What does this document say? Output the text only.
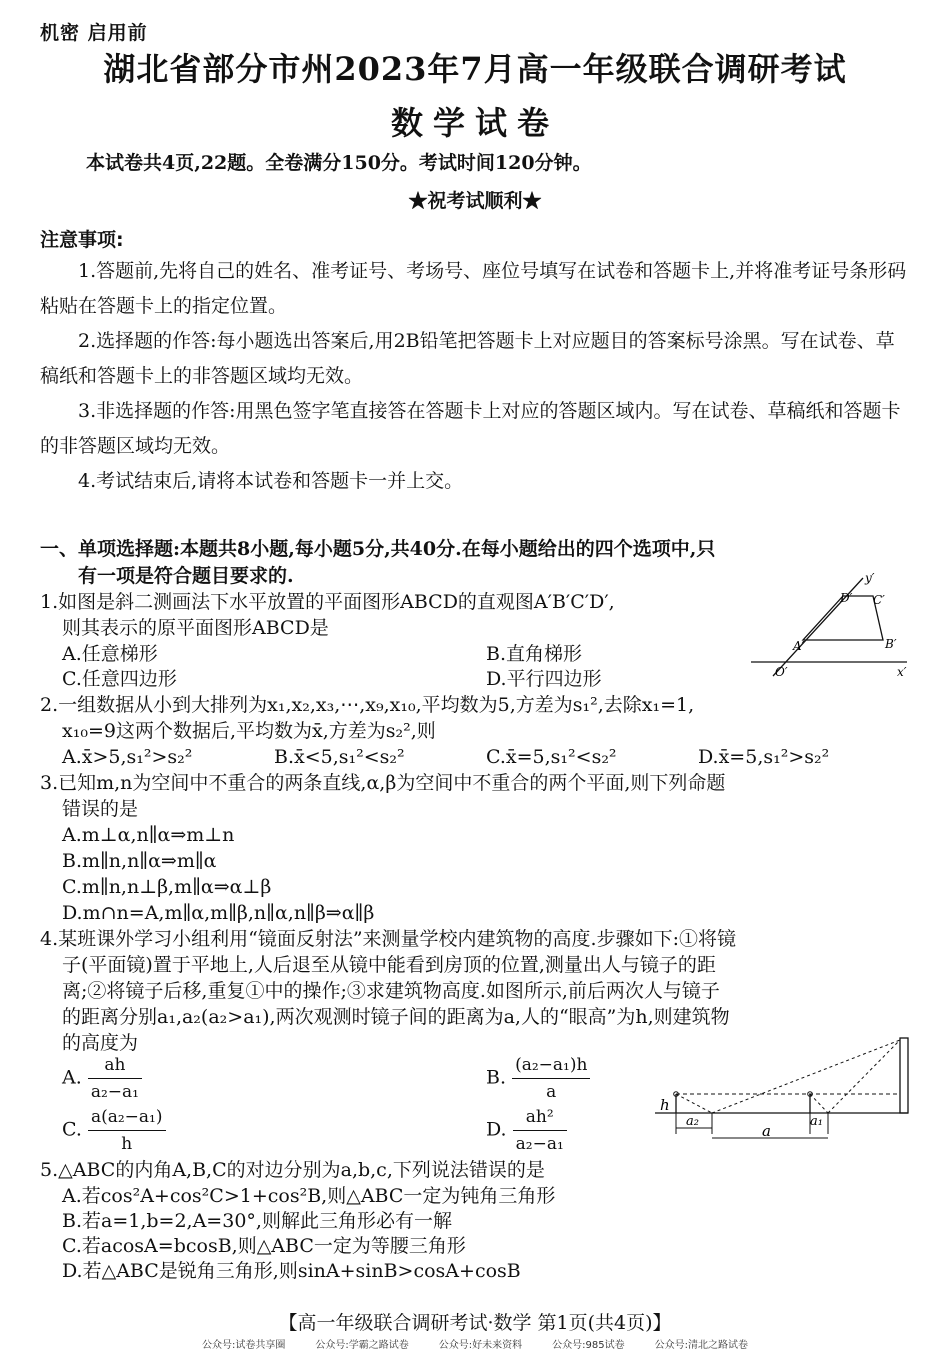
机密 启用前
湖北省部分市州2023年7月高一年级联合调研考试
数学试卷
本试卷共4页,22题。全卷满分150分。考试时间120分钟。
★祝考试顺利★
注意事项:
1.答题前,先将自己的姓名、准考证号、考场号、座位号填写在试卷和答题卡上,并将准考证号条形码粘贴在答题卡上的指定位置。
2.选择题的作答:每小题选出答案后,用2B铅笔把答题卡上对应题目的答案标号涂黑。写在试卷、草稿纸和答题卡上的非答题区域均无效。
3.非选择题的作答:用黑色签字笔直接答在答题卡上对应的答题区域内。写在试卷、草稿纸和答题卡的非答题区域均无效。
4.考试结束后,请将本试卷和答题卡一并上交。
一、单项选择题:本题共8小题,每小题5分,共40分.在每小题给出的四个选项中,只
有一项是符合题目要求的.
1.如图是斜二测画法下水平放置的平面图形ABCD的直观图A′B′C′D′,
则其表示的原平面图形ABCD是
A.任意梯形	B.直角梯形
C.任意四边形	D.平行四边形
y′
x′
O′
A′	B′
C′
D′
2.一组数据从小到大排列为x₁,x₂,x₃,⋯,x₉,x₁₀,平均数为5,方差为s₁²,去除x₁=1,
x₁₀=9这两个数据后,平均数为x̄,方差为s₂²,则
A.x̄>5,s₁²>s₂²	B.x̄<5,s₁²<s₂²	C.x̄=5,s₁²<s₂²	D.x̄=5,s₁²>s₂²
3.已知m,n为空间中不重合的两条直线,α,β为空间中不重合的两个平面,则下列命题
错误的是
A.m⊥α,n∥α⇒m⊥n
B.m∥n,n∥α⇒m∥α
C.m∥n,n⊥β,m∥α⇒α⊥β
D.m∩n=A,m∥α,m∥β,n∥α,n∥β⇒α∥β
4.某班课外学习小组利用“镜面反射法”来测量学校内建筑物的高度.步骤如下:①将镜
子(平面镜)置于平地上,人后退至从镜中能看到房顶的位置,测量出人与镜子的距
离;②将镜子后移,重复①中的操作;③求建筑物高度.如图所示,前后两次人与镜子
的距离分别a₁,a₂(a₂>a₁),两次观测时镜子间的距离为a,人的“眼高”为h,则建筑物
的高度为
A. $\frac{ah}{\text{a₂−a₁}}$	B. $\frac{\text{(a₂−a₁)h}}{a}$
C. $\frac{\text{a(a₂−a₁)}}{h}$	D. $\frac{\text{ah²}}{\text{a₂−a₁}}$	h
a₂
a
a₁
5.△ABC的内角A,B,C的对边分别为a,b,c,下列说法错误的是
A.若cos²A+cos²C>1+cos²B,则△ABC一定为钝角三角形
B.若a=1,b=2,A=30°,则解此三角形必有一解
C.若acosA=bcosB,则△ABC一定为等腰三角形
D.若△ABC是锐角三角形,则sinA+sinB>cosA+cosB
【高一年级联合调研考试·数学 第1页(共4页)】
公众号:试卷共享圈	公众号:学霸之路试卷	公众号:好未来资料	公众号:985试卷	公众号:清北之路试卷
